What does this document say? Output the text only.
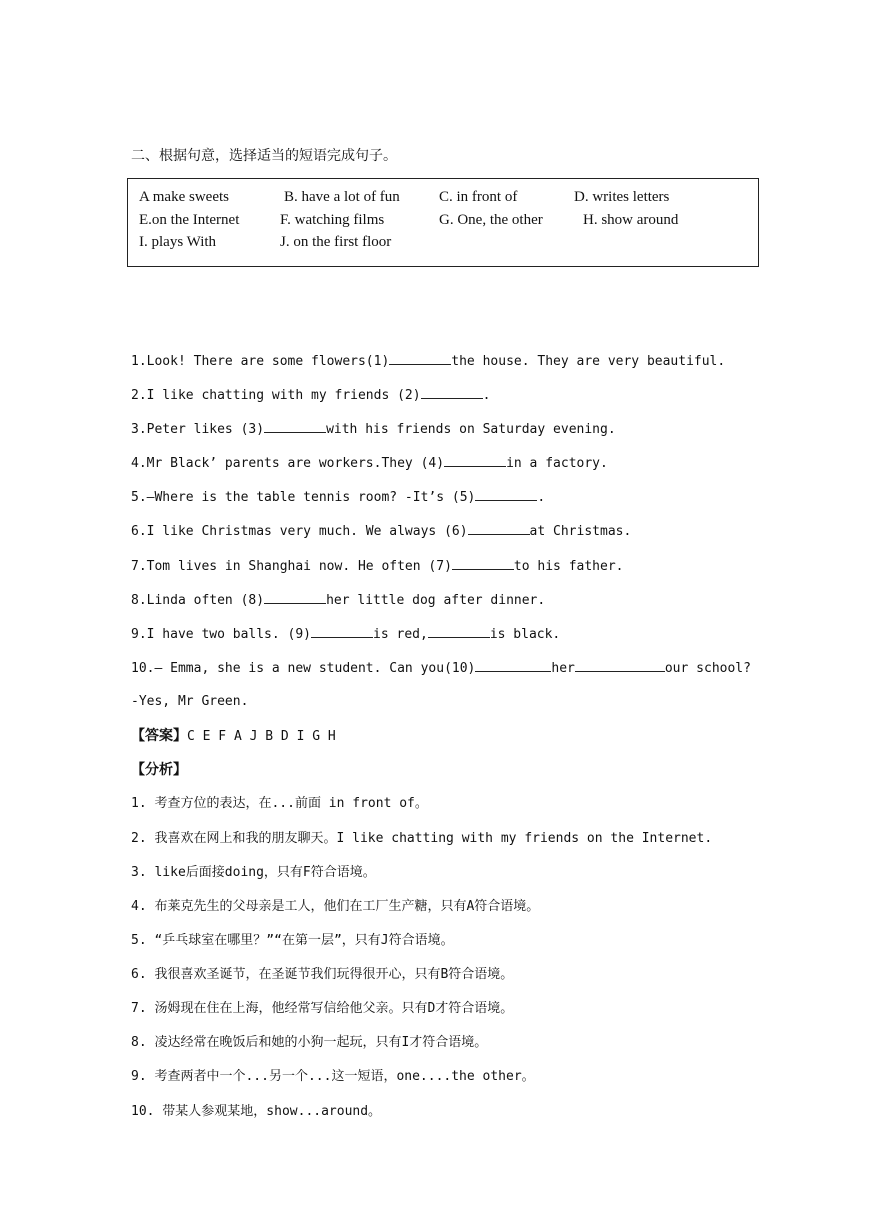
二、根据句意，选择适当的短语完成句子。
A make sweets	B. have a lot of fun	C. in front of	D. writes letters
E.on the Internet	F. watching films	G. One, the other	H. show around
I. plays With	J. on the first floor
1.Look! There are some flowers(1)	the house. They are very beautiful.
2.I like chatting with my friends (2)	.
3.Peter likes (3)	with his friends on Saturday evening.
4.Mr Black’ parents are workers.They (4)	in a factory.
5.—Where is the table tennis room? -It’s (5)	.
6.I like Christmas very much. We always (6)	at Christmas.
7.Tom lives in Shanghai now. He often (7)	to his father.
8.Linda often (8)	her little dog after dinner.
9.I have two balls. (9)	is red,	is black.
10.— Emma, she is a new student. Can you(10)	her	our school?
-Yes, Mr Green.
【答案】C E F A J B D I G H
【分析】
1. 考查方位的表达，在...前面 in front of。
2. 我喜欢在网上和我的朋友聊天。I like chatting with my friends on the Internet.
3. like后面接doing，只有F符合语境。
4. 布莱克先生的父母亲是工人，他们在工厂生产糖，只有A符合语境。
5. “乒乓球室在哪里？”“在第一层”，只有J符合语境。
6. 我很喜欢圣诞节，在圣诞节我们玩得很开心，只有B符合语境。
7. 汤姆现在住在上海，他经常写信给他父亲。只有D才符合语境。
8. 凌达经常在晚饭后和她的小狗一起玩，只有I才符合语境。
9. 考查两者中一个...另一个...这一短语，one....the other。
10. 带某人参观某地，show...around。
